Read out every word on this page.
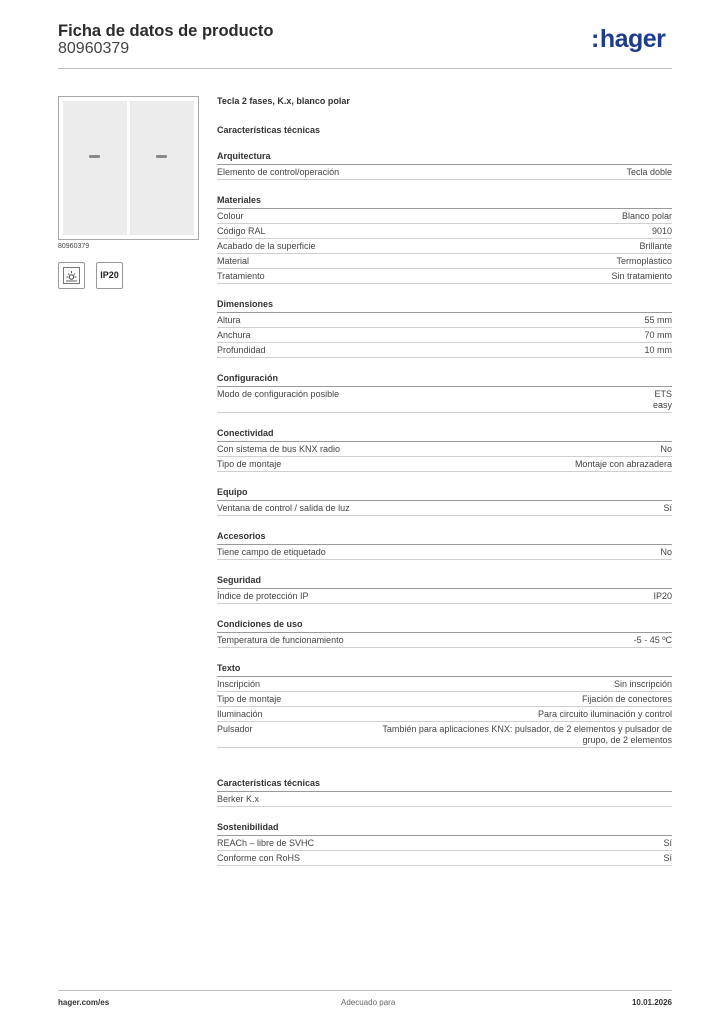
Ficha de datos de producto
80960379	:hager
80960379
IP20
Tecla 2 fases, K.x, blanco polar
Características técnicas
Arquitectura
Elemento de control/operación	Tecla doble
Materiales
Colour	Blanco polar
Código RAL	9010
Acabado de la superficie	Brillante
Material	Termoplástico
Tratamiento	Sin tratamiento
Dimensiones
Altura	55 mm
Anchura	70 mm
Profundidad	10 mm
Configuración
Modo de configuración posible	ETS
easy
Conectividad
Con sistema de bus KNX radio	No
Tipo de montaje	Montaje con abrazadera
Equipo
Ventana de control / salida de luz	Sí
Accesorios
Tiene campo de etiquetado	No
Seguridad
Índice de protección IP	IP20
Condiciones de uso
Temperatura de funcionamiento	-5 - 45 ºC
Texto
Inscripción	Sin inscripción
Tipo de montaje	Fijación de conectores
Iluminación	Para circuito iluminación y control
Pulsador	También para aplicaciones KNX: pulsador, de 2 elementos y pulsador de
grupo, de 2 elementos
Características técnicas
Berker K.x
Sostenibilidad
REACh – libre de SVHC	Sí
Conforme con RoHS	Sí
hager.com/es	Adecuado para	10.01.2026
